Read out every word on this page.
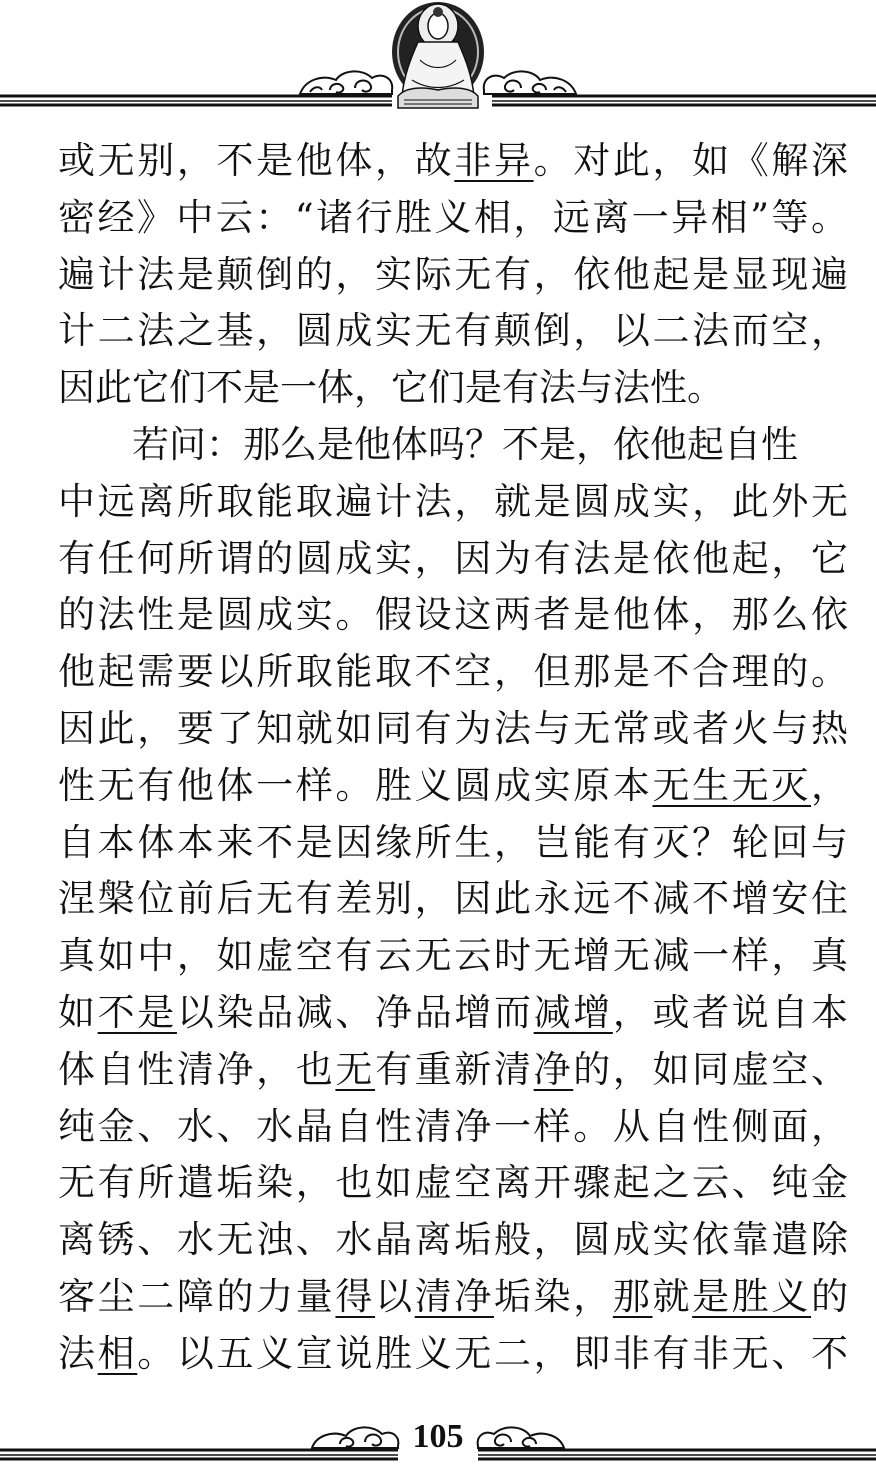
或无别，不是他体，故非异。对此，如《解深
密经》中云：“诸行胜义相，远离一异相”等。
遍计法是颠倒的，实际无有，依他起是显现遍
计二法之基，圆成实无有颠倒，以二法而空，
因此它们不是一体，它们是有法与法性。
若问：那么是他体吗？不是，依他起自性
中远离所取能取遍计法，就是圆成实，此外无
有任何所谓的圆成实，因为有法是依他起，它
的法性是圆成实。假设这两者是他体，那么依
他起需要以所取能取不空，但那是不合理的。
因此，要了知就如同有为法与无常或者火与热
性无有他体一样。胜义圆成实原本无生无灭，
自本体本来不是因缘所生，岂能有灭？轮回与
涅槃位前后无有差别，因此永远不减不增安住
真如中，如虚空有云无云时无增无减一样，真
如不是以染品减、净品增而减增，或者说自本
体自性清净，也无有重新清净的，如同虚空、
纯金、水、水晶自性清净一样。从自性侧面，
无有所遣垢染，也如虚空离开骤起之云、纯金
离锈、水无浊、水晶离垢般，圆成实依靠遣除
客尘二障的力量得以清净垢染，那就是胜义的
法相。以五义宣说胜义无二，即非有非无、不
105
